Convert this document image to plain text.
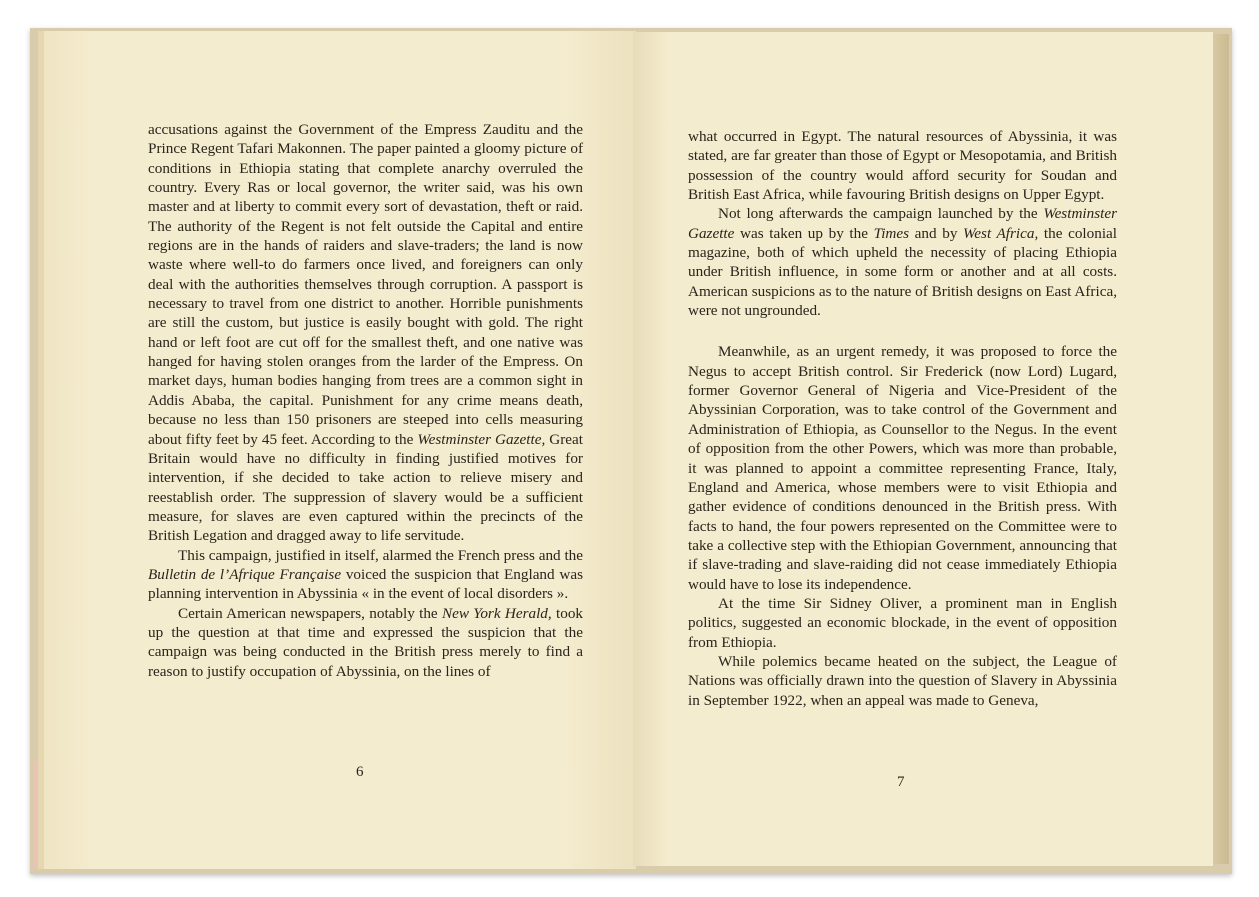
accusations against the Government of the Empress Zauditu and the Prince Regent Tafari Makonnen. The paper painted a gloomy picture of conditions in Ethiopia stating that complete anarchy overruled the country. Every Ras or local governor, the writer said, was his own master and at liberty to commit every sort of devastation, theft or raid. The authority of the Regent is not felt outside the Capital and entire regions are in the hands of raiders and slave-traders; the land is now waste where well-to do farmers once lived, and foreigners can only deal with the authorities themselves through corruption. A passport is necessary to travel from one district to another. Horrible punishments are still the custom, but justice is easily bought with gold. The right hand or left foot are cut off for the smallest theft, and one native was hanged for having stolen oranges from the larder of the Empress. On market days, human bodies hanging from trees are a common sight in Addis Ababa, the capital. Punishment for any crime means death, because no less than 150 prisoners are steeped into cells measuring about fifty feet by 45 feet. According to the Westminster Gazette, Great Britain would have no difficulty in finding justified motives for intervention, if she decided to take action to relieve misery and reestablish order. The suppression of slavery would be a sufficient measure, for slaves are even captured within the precincts of the British Legation and dragged away to life servitude.

This campaign, justified in itself, alarmed the French press and the Bulletin de l’Afrique Française voiced the suspicion that England was planning intervention in Abyssinia « in the event of local disorders ».

Certain American newspapers, notably the New York Herald, took up the question at that time and expressed the suspicion that the campaign was being conducted in the British press merely to find a reason to justify occupation of Abyssinia, on the lines of

6

what occurred in Egypt. The natural resources of Abyssinia, it was stated, are far greater than those of Egypt or Mesopotamia, and British possession of the country would afford security for Soudan and British East Africa, while favouring British designs on Upper Egypt.

Not long afterwards the campaign launched by the Westminster Gazette was taken up by the Times and by West Africa, the colonial magazine, both of which upheld the necessity of placing Ethiopia under British influence, in some form or another and at all costs. American suspicions as to the nature of British designs on East Africa, were not ungrounded.

Meanwhile, as an urgent remedy, it was proposed to force the Negus to accept British control. Sir Frederick (now Lord) Lugard, former Governor General of Nigeria and Vice-President of the Abyssinian Corporation, was to take control of the Government and Administration of Ethiopia, as Counsellor to the Negus. In the event of opposition from the other Powers, which was more than probable, it was planned to appoint a committee representing France, Italy, England and America, whose members were to visit Ethiopia and gather evidence of conditions denounced in the British press. With facts to hand, the four powers represented on the Committee were to take a collective step with the Ethiopian Government, announcing that if slave-trading and slave-raiding did not cease immediately Ethiopia would have to lose its independence.

At the time Sir Sidney Oliver, a prominent man in English politics, suggested an economic blockade, in the event of opposition from Ethiopia.

While polemics became heated on the subject, the League of Nations was officially drawn into the question of Slavery in Abyssinia in September 1922, when an appeal was made to Geneva,

7
